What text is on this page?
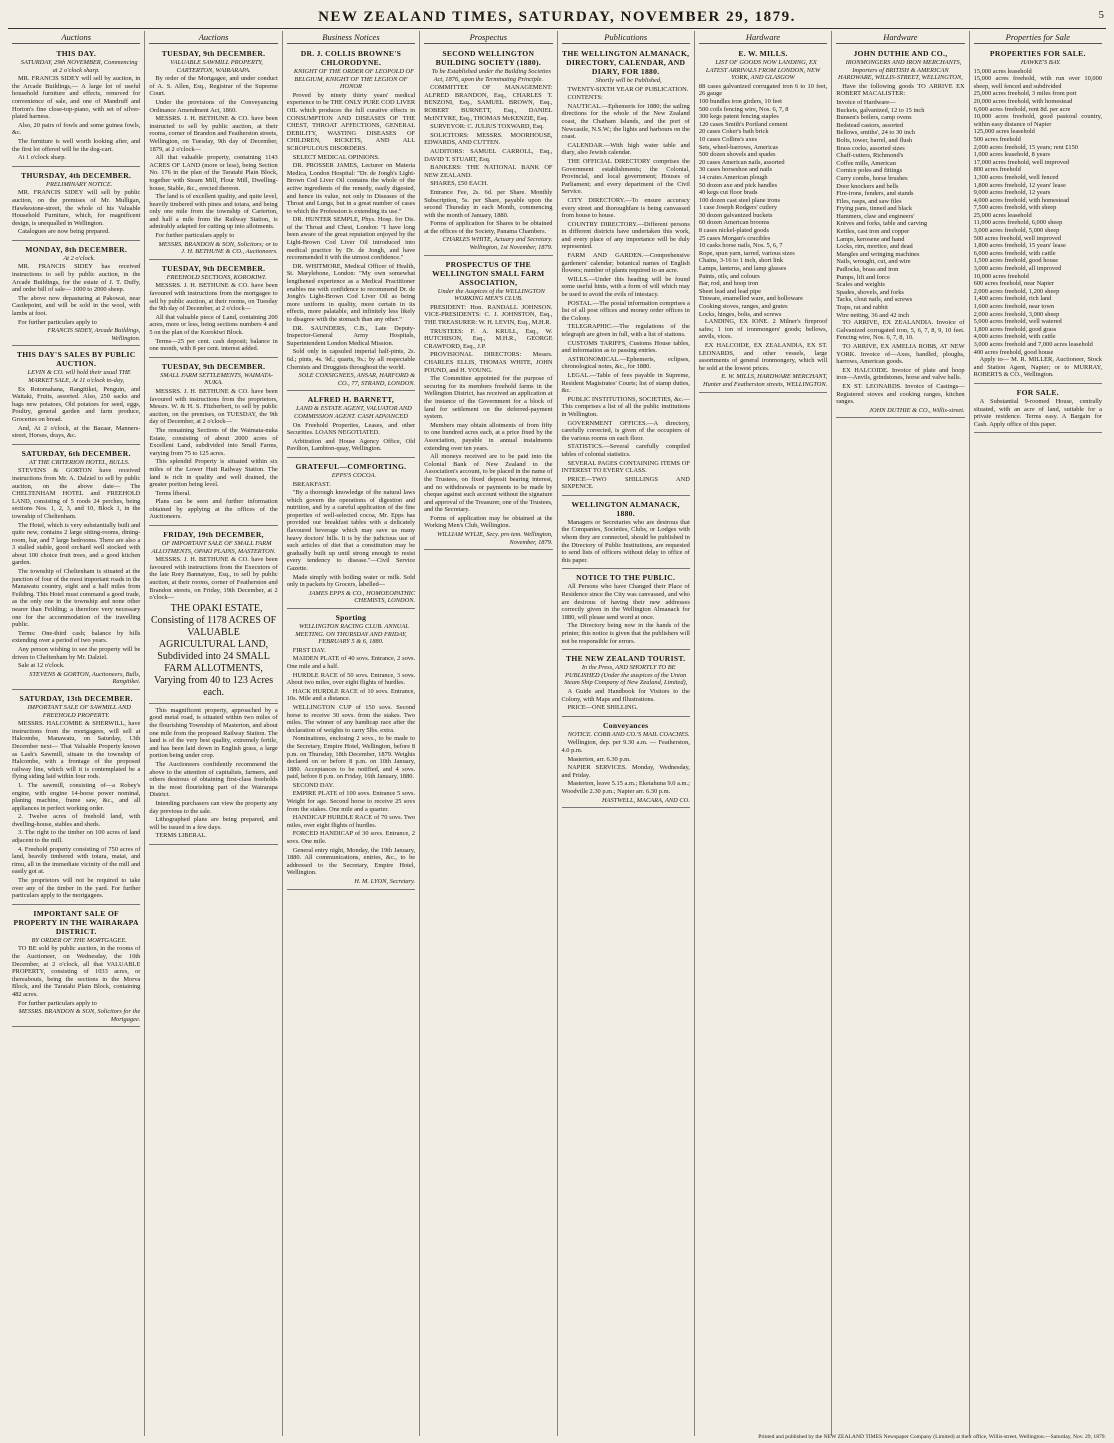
NEW ZEALAND TIMES, SATURDAY, NOVEMBER 29, 1879.	5
Auctions
THIS DAY.

SATURDAY, 29th NOVEMBER, Commencing at 2 o'clock sharp.

MR. FRANCIS SIDEY will sell by auction, in the Arcade Buildings,— A large lot of useful household furniture and effects, removed for convenience of sale, and one of Mandruff and Horton's fine close-top-piano, with set of silver-plated harness.

Also, 20 pairs of fowls and some guinea fowls, &c.

The furniture is well worth looking after, and the first lot offered will be the dog-cart.

At 1 o'clock sharp.

THURSDAY, 4th DECEMBER.

PRELIMINARY NOTICE.

MR. FRANCIS SIDEY will sell by public auction, on the premises of Mr. Mulligan, Hawkestone-street, the whole of his Valuable Household Furniture, which, for magnificent design, is unequalled in Wellington.

Catalogues are now being prepared.

MONDAY, 8th DECEMBER.

At 2 o'clock.

MR. FRANCIS SIDEY has received instructions to sell by public auction, in the Arcade Buildings, for the estate of J. T. Duffy, and order bill of sale— 1000 to 2000 sheep.

The above now depasturing at Pakowai, near Castlepoint, and will be sold in the wool, with lambs at foot.

For further particulars apply to

FRANCIS SIDEY, Arcade Buildings, Wellington.

THIS DAY'S SALES BY PUBLIC AUCTION.

LEVIN & CO. will hold their usual THE MARKET SALE, At 11 o'clock to-day,

Ex Rotomahana, Rangitikei, Penguin, and Waitaki, Fruits, assorted. Also, 250 sacks and bags new potatoes, Old potatoes for seed, eggs, Poultry, general garden and farm produce, Groceries on bread.

And, At 2 o'clock, at the Bazaar, Manners-street, Horses, drays, &c.

SATURDAY, 6th DECEMBER.

AT THE CRITERION HOTEL, BULLS.

STEVENS & GORTON have received instructions from Mr. A. Dalziel to sell by public auction, on the above date— The CHELTENHAM HOTEL and FREEHOLD LAND, consisting of 5 roods 24 perches, being sections Nos. 1, 2, 3, and 10, Block 1, in the township of Cheltenham.

The Hotel, which is very substantially built and quite new, contains 2 large sitting-rooms, dining-room, bar, and 7 large bedrooms. There are also a 3 stalled stable, good orchard well stocked with about 100 choice fruit trees, and a good kitchen garden.

The township of Cheltenham is situated at the junction of four of the most important roads in the Manawatu country, eight and a half miles from Feilding. This Hotel must command a good trade, as the only one in the township and none other nearer than Feilding; a therefore very necessary one for the accommodation of the travelling public.

Terms: One-third cash; balance by bills extending over a period of two years.

Any person wishing to see the property will be driven to Cheltenham by Mr. Dalziel.

Sale at 12 o'clock.

STEVENS & GORTON, Auctioneers, Bulls, Rangitikei.

SATURDAY, 13th DECEMBER.

IMPORTANT SALE OF SAWMILL AND FREEHOLD PROPERTY.

MESSRS. HALCOMBE & SHERWILL, have instructions from the mortgagees, will sell at Halcombe, Manawatu, on Saturday, 13th December next— That Valuable Property known as Lash's Sawmill, situate in the township of Halcombe, with a frontage of the proposed railway line, which will it is contemplated be a flying siding laid within four rods.

1. The sawmill, consisting of—a Robey's engine, with engine 14-horse power nominal, planing machine, frame saw, &c., and all appliances in perfect working order.

2. Twelve acres of freehold land, with dwelling-house, stables and sheds.

3. The right to the timber on 100 acres of land adjacent to the mill.

4. Freehold property consisting of 750 acres of land, heavily timbered with totara, matai, and rimu, all in the immediate vicinity of the mill and easily got at.

The proprietors will not be required to take over any of the timber in the yard. For further particulars apply to the mortgagees.

IMPORTANT SALE OF PROPERTY IN THE WAIRARAPA DISTRICT.

BY ORDER OF THE MORTGAGEE.

TO BE sold by public auction, in the rooms of the Auctioneer, on Wednesday, the 10th December, at 2 o'clock, all that VALUABLE PROPERTY, consisting of 1033 acres, or thereabouts, being the sections in the Morva Block, and the Taratahi Plain Block, containing 482 acres.

For further particulars apply to

MESSRS. BRANDON & SON, Solicitors for the Mortgagee.

Auctions
TUESDAY, 9th DECEMBER.

VALUABLE SAWMILL PROPERTY, CARTERTON, WAIRARAPA.

By order of the Mortgagee, and under conduct of A. S. Allen, Esq., Registrar of the Supreme Court.

Under the provisions of the Conveyancing Ordinance Amendment Act, 1860.

MESSRS. J. H. BETHUNE & CO. have been instructed to sell by public auction, at their rooms, corner of Brandon and Featherston streets, Wellington, on Tuesday, 9th day of December, 1879, at 2 o'clock—

All that valuable property, containing 1143 ACRES OF LAND (more or less), being Section No. 176 in the plan of the Taratahi Plain Block, together with Steam Mill, Flour Mill, Dwelling-house, Stable, &c., erected thereon.

The land is of excellent quality, and quite level, heavily timbered with pines and totara, and being only one mile from the township of Carterton, and half a mile from the Railway Station, is admirably adapted for cutting up into allotments.

For further particulars apply to

MESSRS. BRANDON & SON, Solicitors; or to J. H. BETHUNE & CO., Auctioneers.

TUESDAY, 9th DECEMBER.

FREEHOLD SECTIONS, KOROKIWI.

MESSRS. J. H. BETHUNE & CO. have been favoured with instructions from the mortgagee to sell by public auction, at their rooms, on Tuesday the 9th day of December, at 2 o'clock—

All that valuable piece of Land, containing 200 acres, more or less, being sections numbers 4 and 5 on the plan of the Korokiwi Block.

Terms—25 per cent. cash deposit; balance in one month, with 8 per cent. interest added.

TUESDAY, 9th DECEMBER.

SMALL FARM SETTLEMENTS, WAIMATA-NUKA.

MESSRS. J. H. BETHUNE & CO. have been favoured with instructions from the proprietors, Messrs. W. & H. S. Fitzherbert, to sell by public auction, on the premises, on TUESDAY, the 9th day of December, at 2 o'clock—

The remaining Sections of the Waimata-nuka Estate, consisting of about 2000 acres of Excellent Land, subdivided into Small Farms, varying from 75 to 125 acres.

This splendid Property is situated within six miles of the Lower Hutt Railway Station. The land is rich in quality and well drained, the greater portion being level.

Terms liberal.

Plans can be seen and further information obtained by applying at the offices of the Auctioneers.

FRIDAY, 19th DECEMBER,

OF IMPORTANT SALE OF SMALL FARM ALLOTMENTS, OPAKI PLAINS, MASTERTON.

MESSRS. J. H. BETHUNE & CO. have been favoured with instructions from the Executors of the late Rory Bannatyne, Esq., to sell by public auction, at their rooms, corner of Featherston and Brandon streets, on Friday, 19th December, at 2 o'clock—

THE OPAKI ESTATE, Consisting of 1178 ACRES OF VALUABLE AGRICULTURAL LAND, Subdivided into 24 SMALL FARM ALLOTMENTS, Varying from 40 to 123 Acres each.

This magnificent property, approached by a good metal road, is situated within two miles of the flourishing Township of Masterton, and about one mile from the proposed Railway Station. The land is of the very best quality, extremely fertile, and has been laid down in English grass, a large portion being under crop.

The Auctioneers confidently recommend the above to the attention of capitalists, farmers, and others desirous of obtaining first-class freeholds in the most flourishing part of the Wairarapa District.

Intending purchasers can view the property any day previous to the sale.

Lithographed plans are being prepared, and will be issued in a few days.

TERMS LIBERAL.

Business Notices
DR. J. COLLIS BROWNE'S CHLORODYNE.

KNIGHT OF THE ORDER OF LEOPOLD OF BELGIUM, KNIGHT OF THE LEGION OF HONOR

Proved by ninety thirty years' medical experience to be THE ONLY PURE COD LIVER OIL which produces the full curative effects in CONSUMPTION AND DISEASES OF THE CHEST, THROAT AFFECTIONS, GENERAL DEBILITY, WASTING DISEASES OF CHILDREN, RICKETS, AND ALL SCROFULOUS DISORDERS.

SELECT MEDICAL OPINIONS.

DR. PROSSER JAMES, Lecturer on Materia Medica, London Hospital: "Dr. de Jongh's Light-Brown Cod Liver Oil contains the whole of the active ingredients of the remedy, easily digested, and hence its value, not only in Diseases of the Throat and Lungs, but in a great number of cases to which the Profession is extending its use."

DR. HUNTER SEMPLE, Phys. Hosp. for Dis. of the Throat and Chest, London: "I have long been aware of the great reputation enjoyed by the Light-Brown Cod Liver Oil introduced into medical practice by Dr. de Jongh, and have recommended it with the utmost confidence."

DR. WHITMORE, Medical Officer of Health, St. Marylebone, London: "My own somewhat lengthened experience as a Medical Practitioner enables me with confidence to recommend Dr. de Jongh's Light-Brown Cod Liver Oil as being more uniform in quality, more certain in its effects, more palatable, and infinitely less likely to disagree with the stomach than any other."

DR. SAUNDERS, C.B., Late Deputy-Inspector-General Army Hospitals, Superintendent London Medical Mission.

Sold only in capsuled imperial half-pints, 2s. 6d.; pints, 4s. 9d.; quarts, 9s.; by all respectable Chemists and Druggists throughout the world.

SOLE CONSIGNEES, ANSAR, HARFORD & CO., 77, STRAND, LONDON.

ALFRED H. BARNETT,

LAND & ESTATE AGENT, VALUATOR AND COMMISSION AGENT. CASH ADVANCED

On Freehold Properties, Leases, and other Securities. LOANS NEGOTIATED.

Arbitration and House Agency Office, Old Pavilion, Lambton-quay, Wellington.

GRATEFUL—COMFORTING.

EPPS'S COCOA.

BREAKFAST.

"By a thorough knowledge of the natural laws which govern the operations of digestion and nutrition, and by a careful application of the fine properties of well-selected cocoa, Mr. Epps has provided our breakfast tables with a delicately flavoured beverage which may save us many heavy doctors' bills. It is by the judicious use of such articles of diet that a constitution may be gradually built up until strong enough to resist every tendency to disease."—Civil Service Gazette.

Made simply with boiling water or milk. Sold only in packets by Grocers, labelled—

JAMES EPPS & CO., HOMOEOPATHIC CHEMISTS, LONDON.

Sporting

WELLINGTON RACING CLUB. ANNUAL MEETING. ON THURSDAY AND FRIDAY, FEBRUARY 5 & 6, 1880.

FIRST DAY.

MAIDEN PLATE of 40 sovs. Entrance, 2 sovs. One mile and a half.

HURDLE RACE of 50 sovs. Entrance, 3 sovs. About two miles, over eight flights of hurdles.

HACK HURDLE RACE of 10 sovs. Entrance, 10s. Mile and a distance.

WELLINGTON CUP of 150 sovs. Second horse to receive 30 sovs. from the stakes. Two miles. The winner of any handicap race after the declaration of weights to carry 5lbs. extra.

Nominations, enclosing 2 sovs., to be made to the Secretary, Empire Hotel, Wellington, before 8 p.m. on Thursday, 18th December, 1879. Weights declared on or before 8 p.m. on 10th January, 1880. Acceptances to be notified, and 4 sovs. paid, before 8 p.m. on Friday, 16th January, 1880.

SECOND DAY.

EMPIRE PLATE of 100 sovs. Entrance 5 sovs. Weight for age. Second horse to receive 25 sovs from the stakes. One mile and a quarter.

HANDICAP HURDLE RACE of 70 sovs. Two miles, over eight flights of hurdles.

FORCED HANDICAP of 30 sovs. Entrance, 2 sovs. One mile.

General entry night, Monday, the 19th January, 1880. All communications, entries, &c., to be addressed to the Secretary, Empire Hotel, Wellington.

H. M. LYON, Secretary.

Prospectus
SECOND WELLINGTON BUILDING SOCIETY (1880).

To be Established under the Building Societies Act, 1876, upon the Terminating Principle.

COMMITTEE OF MANAGEMENT: ALFRED BRANDON, Esq., CHARLES T. BENZONI, Esq., SAMUEL BROWN, Esq., ROBERT BURNETT, Esq., DANIEL McINTYRE, Esq., THOMAS McKENZIE, Esq.

SURVEYOR: C. JULIUS TOXWARD, Esq.

SOLICITORS: MESSRS. MOORHOUSE, EDWARDS, AND CUTTEN.

AUDITORS: SAMUEL CARROLL, Esq., DAVID T. STUART, Esq.

BANKERS: THE NATIONAL BANK OF NEW ZEALAND.

SHARES, £50 EACH.

Entrance Fee, 2s. 6d. per Share. Monthly Subscription, 5s. per Share, payable upon the second Thursday in each Month, commencing with the month of January, 1880.

Forms of application for Shares to be obtained at the offices of the Society, Panama Chambers.

CHARLES WHITE, Actuary and Secretary. Wellington, 1st November, 1879.

PROSPECTUS OF THE WELLINGTON SMALL FARM ASSOCIATION,

Under the Auspices of the WELLINGTON WORKING MEN'S CLUB.

PRESIDENT: Hon. RANDALL JOHNSON. VICE-PRESIDENTS: C. J. JOHNSTON, Esq., THE TREASURER: W. H. LEVIN, Esq., M.H.R.

TRUSTEES: F. A. KRULL, Esq., W. HUTCHISON, Esq., M.H.R., GEORGE CRAWFORD, Esq., J.P.

PROVISIONAL DIRECTORS: Messrs. CHARLES ELLIS, THOMAS WHITE, JOHN POUND, and H. YOUNG.

The Committee appointed for the purpose of securing for its members freehold farms in the Wellington District, has received an application at the instance of the Government for a block of land for settlement on the deferred-payment system.

Members may obtain allotments of from fifty to one hundred acres each, at a price fixed by the Association, payable in annual instalments extending over ten years.

All moneys received are to be paid into the Colonial Bank of New Zealand to the Association's account, to be placed in the name of the Trustees, on fixed deposit bearing interest, and no withdrawals or payments to be made by cheque against such account without the signature and approval of the Treasurer, one of the Trustees, and the Secretary.

Forms of application may be obtained at the Working Men's Club, Wellington.

WILLIAM WYLIE, Secy. pro tem. Wellington, November, 1879.

Publications
THE WELLINGTON ALMANACK, DIRECTORY, CALENDAR, AND DIARY, FOR 1880.

Shortly will be Published,

TWENTY-SIXTH YEAR OF PUBLICATION.

CONTENTS:

NAUTICAL.—Ephemeris for 1880; the sailing directions for the whole of the New Zealand coast, the Chatham Islands, and the port of Newcastle, N.S.W.; the lights and harbours on the coast.

CALENDAR.—With high water table and diary, also Jewish calendar.

THE OFFICIAL DIRECTORY comprises the Government establishments; the Colonial, Provincial, and local government; Houses of Parliament; and every department of the Civil Service.

CITY DIRECTORY.—To ensure accuracy every street and thoroughfare is being canvassed from house to house.

COUNTRY DIRECTORY.—Different persons in different districts have undertaken this work, and every place of any importance will be duly represented.

FARM AND GARDEN.—Comprehensive gardeners' calendar; botanical names of English flowers; number of plants required to an acre.

WILLS.—Under this heading will be found some useful hints, with a form of will which may be used to avoid the evils of intestacy.

POSTAL.—The postal information comprises a list of all post offices and money order offices in the Colony.

TELEGRAPHIC.—The regulations of the telegraph are given in full, with a list of stations.

CUSTOMS TARIFFS, Customs House tables, and information as to passing entries.

ASTRONOMICAL.—Ephemeris, eclipses, chronological notes, &c., for 1880.

LEGAL.—Table of fees payable in Supreme, Resident Magistrates' Courts; list of stamp duties, &c.

PUBLIC INSTITUTIONS, SOCIETIES, &c.—This comprises a list of all the public institutions in Wellington.

GOVERNMENT OFFICES.—A directory, carefully corrected, is given of the occupiers of the various rooms on each floor.

STATISTICS.—Several carefully compiled tables of colonial statistics.

SEVERAL PAGES CONTAINING ITEMS OF INTEREST TO EVERY CLASS.

PRICE—TWO SHILLINGS AND SIXPENCE.

WELLINGTON ALMANACK, 1880.

Managers or Secretaries who are desirous that the Companies, Societies, Clubs, or Lodges with whom they are connected, should be published in the Directory of Public Institutions, are requested to send lists of officers without delay to office of this paper.

NOTICE TO THE PUBLIC.

All Persons who have Changed their Place of Residence since the City was canvassed, and who are desirous of having their new addresses correctly given in the Wellington Almanack for 1880, will please send word at once.

The Directory being now in the hands of the printer, this notice is given that the publishers will not be responsible for errors.

THE NEW ZEALAND TOURIST.

In the Press, AND SHORTLY TO BE PUBLISHED (Under the auspices of the Union Steam Ship Company of New Zealand, Limited),

A Guide and Handbook for Visitors to the Colony, with Maps and Illustrations.

PRICE—ONE SHILLING.

Conveyances

NOTICE. COBB AND CO.'S MAIL COACHES.

Wellington, dep. per 9.30 a.m. — Featherston, 4.0 p.m.

Masterton, arr. 6.30 p.m.

NAPIER SERVICES. Monday, Wednesday, and Friday.

Masterton, leave 5.15 a.m.; Eketahuna 9.0 a.m.; Woodville 2.30 p.m.; Napier arr. 6.30 p.m.

HASTWELL, MACARA, AND CO.

Hardware
E. W. MILLS.

LIST OF GOODS NOW LANDING, EX LATEST ARRIVALS FROM LONDON, NEW YORK, AND GLASGOW

88 cases galvanized corrugated iron 6 to 10 feet, 26 gauge

100 bundles iron girders, 10 feet

500 coils fencing wire, Nos. 6, 7, 8

300 kegs patent fencing staples

120 cases Smith's Portland cement

20 cases Coker's bath brick

10 cases Collins's axes

Sets, wheel-barrows, Americas

500 dozen shovels and spades

20 cases American nails, assorted

30 cases horseshoe and nails

14 crates American plough

50 dozen axe and pick handles

40 kegs cut floor brads

100 dozen cast steel plane irons

1 case Joseph Rodgers' cutlery

30 dozen galvanized buckets

60 dozen American brooms

8 cases nickel-plated goods

25 cases Morgan's crucibles

10 casks horse nails, Nos. 5, 6, 7

Rope, spun yarn, tarred, various sizes

Chains, 3-16 to 1 inch, short link

Lamps, lanterns, and lamp glasses

Paints, oils, and colours

Bar, rod, and hoop iron

Sheet lead and lead pipe

Tinware, enamelled ware, and holloware

Cooking stoves, ranges, and grates

Locks, hinges, bolts, and screws

LANDING, EX IONE. 2 Milner's fireproof safes; 1 ton of ironmongers' goods; bellows, anvils, vices.

EX HALCOIDE, EX ZEALANDIA, EX ST. LEONARDS, and other vessels, large assortments of general ironmongery, which will be sold at the lowest prices.

E. W. MILLS, HARDWARE MERCHANT, Hunter and Featherston streets, WELLINGTON.

Hardware
JOHN DUTHIE AND CO.,

IRONMONGERS AND IRON MERCHANTS, Importers of BRITISH & AMERICAN HARDWARE, WILLIS-STREET, WELLINGTON,

Have the following goods TO ARRIVE EX ROBERT MACALISTER:

Invoice of Hardware—

Buckets, galvanized, 12 to 15 inch

Bunsen's boilers, camp ovens

Bedstead castors, assorted

Bellows, smiths', 24 to 30 inch

Bolts, tower, barrel, and flush

Brass cocks, assorted sizes

Chaff-cutters, Richmond's

Coffee mills, American

Cornice poles and fittings

Curry combs, horse brushes

Door knockers and bells

Fire-irons, fenders, and stands

Files, rasps, and saw files

Frying pans, tinned and black

Hammers, claw and engineers'

Knives and forks, table and carving

Kettles, cast iron and copper

Lamps, kerosene and hand

Locks, rim, mortice, and dead

Mangles and wringing machines

Nails, wrought, cut, and wire

Padlocks, brass and iron

Pumps, lift and force

Scales and weights

Spades, shovels, and forks

Tacks, clout nails, and screws

Traps, rat and rabbit

Wire netting, 36 and 42 inch

TO ARRIVE, EX ZEALANDIA. Invoice of Galvanized corrugated iron, 5, 6, 7, 8, 9, 10 feet. Fencing wire, Nos. 6, 7, 8, 10.

TO ARRIVE, EX AMELIA ROBB, AT NEW YORK. Invoice of—Axes, handled, ploughs, harrows, American goods.

EX HALCOIDE. Invoice of plate and hoop iron—Anvils, grindstones, horse and valve balls.

EX ST. LEONARDS. Invoice of Castings—Registered stoves and cooking ranges, kitchen ranges.

JOHN DUTHIE & CO., Willis-street.

Properties for Sale
PROPERTIES FOR SALE.

HAWKE'S BAY.

15,000 acres leasehold

15,000 acres freehold, with run over 10,000 sheep, well fenced and subdivided

25,000 acres freehold, 3 miles from port

20,000 acres freehold, with homestead

6,000 acres freehold, rent 8d. per acre

10,000 acres freehold, good pastoral country, within easy distance of Napier

125,000 acres leasehold

500 acres freehold

2,000 acres freehold, 15 years; rent £150

1,000 acres leasehold, 8 years

17,000 acres freehold, well improved

800 acres freehold

1,300 acres freehold, well fenced

1,800 acres freehold, 12 years' lease

9,000 acres freehold, 12 years

4,000 acres freehold, with homestead

7,500 acres freehold, with sheep

25,000 acres leasehold

11,000 acres freehold, 6,000 sheep

3,000 acres freehold, 5,000 sheep

500 acres freehold, well improved

1,800 acres freehold, 15 years' lease

6,000 acres freehold, with cattle

1,500 acres freehold, good house

3,000 acres freehold, all improved

10,000 acres freehold

600 acres freehold, near Napier

2,000 acres freehold, 1,200 sheep

1,400 acres freehold, rich land

1,600 acres freehold, near town

2,000 acres freehold, 3,000 sheep

5,000 acres freehold, well watered

1,800 acres freehold, good grass

4,000 acres freehold, with cattle

3,000 acres freehold and 7,000 acres leasehold

400 acres freehold, good house

Apply to— M. R. MILLER, Auctioneer, Stock and Station Agent, Napier; or to MURRAY, ROBERTS & CO., Wellington.

FOR SALE.

A Substantial 9-roomed House, centrally situated, with an acre of land, suitable for a private residence. Terms easy. A Bargain for Cash. Apply office of this paper.

Printed and published by the NEW ZEALAND TIMES Newspaper Company (Limited) at their office, Willis-street, Wellington.—Saturday, Nov. 29, 1879.
